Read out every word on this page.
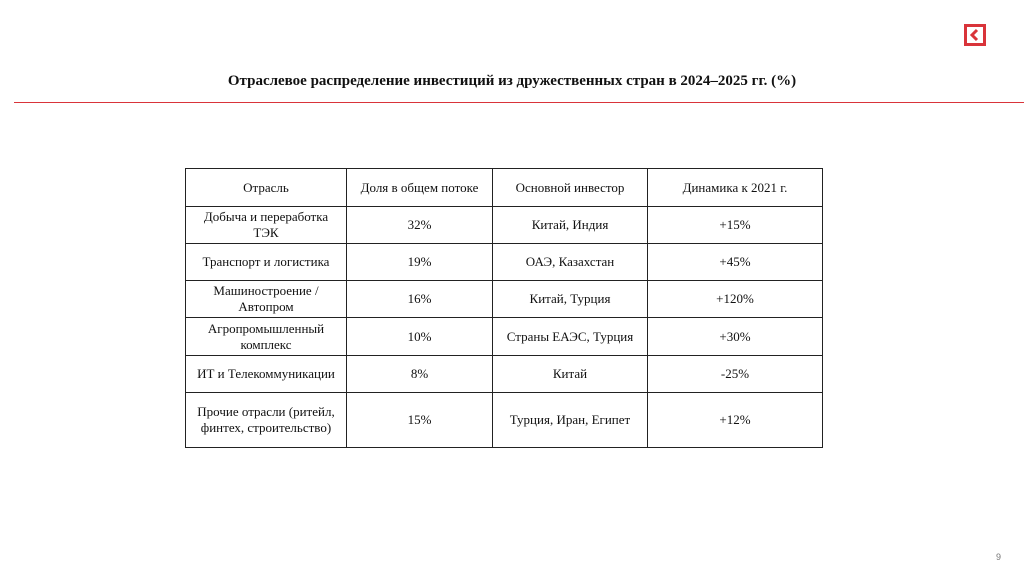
Отраслевое распределение инвестиций из дружественных стран в 2024–2025 гг. (%)
Отрасль	Доля в общем потоке	Основной инвестор	Динамика к 2021 г.
Добыча и переработка ТЭК	32%	Китай, Индия	+15%
Транспорт и логистика	19%	ОАЭ, Казахстан	+45%
Машиностроение / Автопром	16%	Китай, Турция	+120%
Агропромышленный комплекс	10%	Страны ЕАЭС, Турция	+30%
ИТ и Телекоммуникации	8%	Китай	-25%
Прочие отрасли (ритейл, финтех, строительство)	15%	Турция, Иран, Египет	+12%
9
